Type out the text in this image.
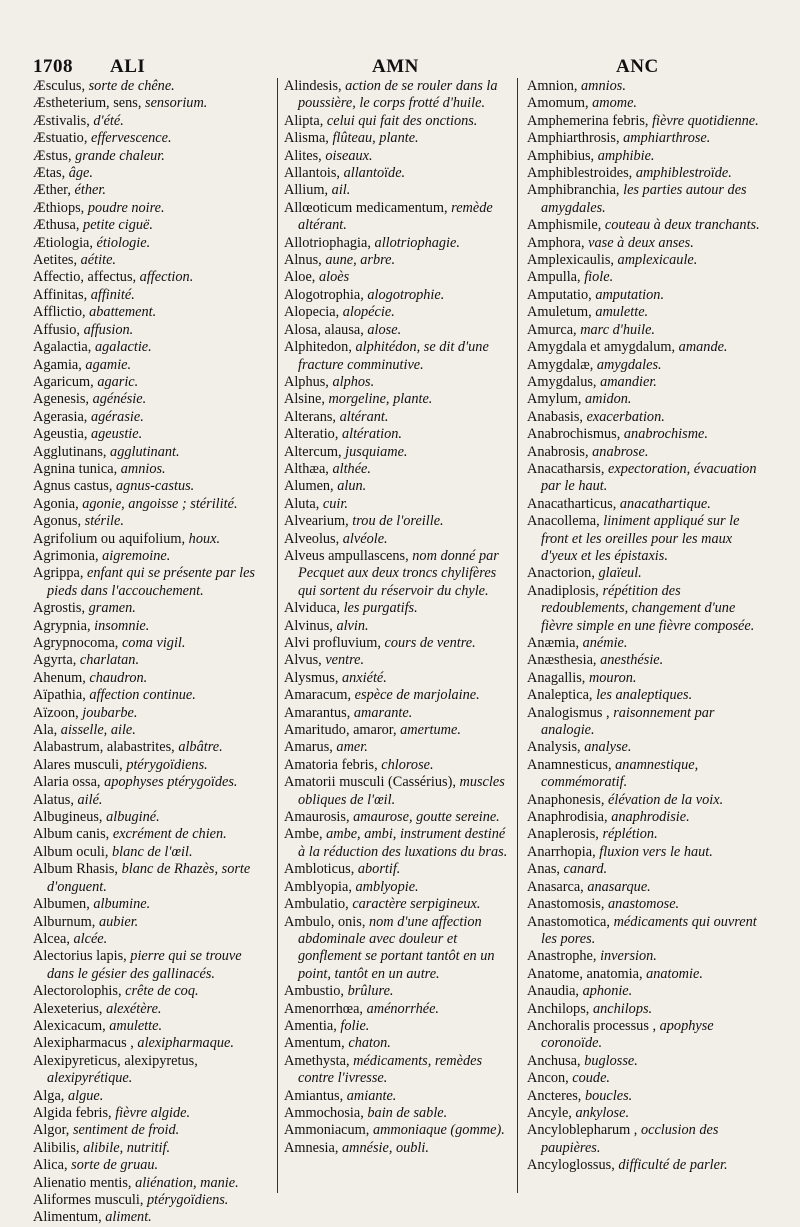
1708 ALI	AMN	ANC

Æsculus, sorte de chêne.

Æstheterium, sens, sensorium.

Æstivalis, d'été.

Æstuatio, effervescence.

Æstus, grande chaleur.

Ætas, âge.

Æther, éther.

Æthiops, poudre noire.

Æthusa, petite ciguë.

Ætiologia, étiologie.

Aetites, aétite.

Affectio, affectus, affection.

Affinitas, affinité.

Afflictio, abattement.

Affusio, affusion.

Agalactia, agalactie.

Agamia, agamie.

Agaricum, agaric.

Agenesis, agénésie.

Agerasia, agérasie.

Ageustia, ageustie.

Agglutinans, agglutinant.

Agnina tunica, amnios.

Agnus castus, agnus-castus.

Agonia, agonie, angoisse ; stérilité.

Agonus, stérile.

Agrifolium ou aquifolium, houx.

Agrimonia, aigremoine.

Agrippa, enfant qui se présente par les pieds dans l'accouchement.

Agrostis, gramen.

Agrypnia, insomnie.

Agrypnocoma, coma vigil.

Agyrta, charlatan.

Ahenum, chaudron.

Aïpathia, affection continue.

Aïzoon, joubarbe.

Ala, aisselle, aile.

Alabastrum, alabastrites, albâtre.

Alares musculi, ptérygoïdiens.

Alaria ossa, apophyses ptérygoïdes.

Alatus, ailé.

Albugineus, albuginé.

Album canis, excrément de chien.

Album oculi, blanc de l'œil.

Album Rhasis, blanc de Rhazès, sorte d'onguent.

Albumen, albumine.

Alburnum, aubier.

Alcea, alcée.

Alectorius lapis, pierre qui se trouve dans le gésier des gallinacés.

Alectorolophis, crête de coq.

Alexeterius, alexétère.

Alexicacum, amulette.

Alexipharmacus , alexipharmaque.

Alexipyreticus, alexipyretus, alexipyrétique.

Alga, algue.

Algida febris, fièvre algide.

Algor, sentiment de froid.

Alibilis, alibile, nutritif.

Alica, sorte de gruau.

Alienatio mentis, aliénation, manie.

Aliformes musculi, ptérygoïdiens.

Alimentum, aliment.

Alindesis, action de se rouler dans la poussière, le corps frotté d'huile.

Alipta, celui qui fait des onctions.

Alisma, flûteau, plante.

Alites, oiseaux.

Allantois, allantoïde.

Allium, ail.

Allœoticum medicamentum, remède altérant.

Allotriophagia, allotriophagie.

Alnus, aune, arbre.

Aloe, aloès

Alogotrophia, alogotrophie.

Alopecia, alopécie.

Alosa, alausa, alose.

Alphitedon, alphitédon, se dit d'une fracture comminutive.

Alphus, alphos.

Alsine, morgeline, plante.

Alterans, altérant.

Alteratio, altération.

Altercum, jusquiame.

Althæa, althée.

Alumen, alun.

Aluta, cuir.

Alvearium, trou de l'oreille.

Alveolus, alvéole.

Alveus ampullascens, nom donné par Pecquet aux deux troncs chylifères qui sortent du réservoir du chyle.

Alviduca, les purgatifs.

Alvinus, alvin.

Alvi profluvium, cours de ventre.

Alvus, ventre.

Alysmus, anxiété.

Amaracum, espèce de marjolaine.

Amarantus, amarante.

Amaritudo, amaror, amertume.

Amarus, amer.

Amatoria febris, chlorose.

Amatorii musculi (Cassérius), muscles obliques de l'œil.

Amaurosis, amaurose, goutte sereine.

Ambe, ambe, ambi, instrument destiné à la réduction des luxations du bras.

Ambloticus, abortif.

Amblyopia, amblyopie.

Ambulatio, caractère serpigineux.

Ambulo, onis, nom d'une affection abdominale avec douleur et gonflement se portant tantôt en un point, tantôt en un autre.

Ambustio, brûlure.

Amenorrhœa, aménorrhée.

Amentia, folie.

Amentum, chaton.

Amethysta, médicaments, remèdes contre l'ivresse.

Amiantus, amiante.

Ammochosia, bain de sable.

Ammoniacum, ammoniaque (gomme).

Amnesia, amnésie, oubli.

Amnion, amnios.

Amomum, amome.

Amphemerina febris, fièvre quotidienne.

Amphiarthrosis, amphiarthrose.

Amphibius, amphibie.

Amphiblestroides, amphiblestroïde.

Amphibranchia, les parties autour des amygdales.

Amphismile, couteau à deux tranchants.

Amphora, vase à deux anses.

Amplexicaulis, amplexicaule.

Ampulla, fiole.

Amputatio, amputation.

Amuletum, amulette.

Amurca, marc d'huile.

Amygdala et amygdalum, amande.

Amygdalæ, amygdales.

Amygdalus, amandier.

Amylum, amidon.

Anabasis, exacerbation.

Anabrochismus, anabrochisme.

Anabrosis, anabrose.

Anacatharsis, expectoration, évacuation par le haut.

Anacatharticus, anacathartique.

Anacollema, liniment appliqué sur le front et les oreilles pour les maux d'yeux et les épistaxis.

Anactorion, glaïeul.

Anadiplosis, répétition des redoublements, changement d'une fièvre simple en une fièvre composée.

Anæmia, anémie.

Anæsthesia, anesthésie.

Anagallis, mouron.

Analeptica, les analeptiques.

Analogismus , raisonnement par analogie.

Analysis, analyse.

Anamnesticus, anamnestique, commémoratif.

Anaphonesis, élévation de la voix.

Anaphrodisia, anaphrodisie.

Anaplerosis, réplétion.

Anarrhopia, fluxion vers le haut.

Anas, canard.

Anasarca, anasarque.

Anastomosis, anastomose.

Anastomotica, médicaments qui ouvrent les pores.

Anastrophe, inversion.

Anatome, anatomia, anatomie.

Anaudia, aphonie.

Anchilops, anchilops.

Anchoralis processus , apophyse coronoïde.

Anchusa, buglosse.

Ancon, coude.

Ancteres, boucles.

Ancyle, ankylose.

Ancyloblepharum , occlusion des paupières.

Ancyloglossus, difficulté de parler.
